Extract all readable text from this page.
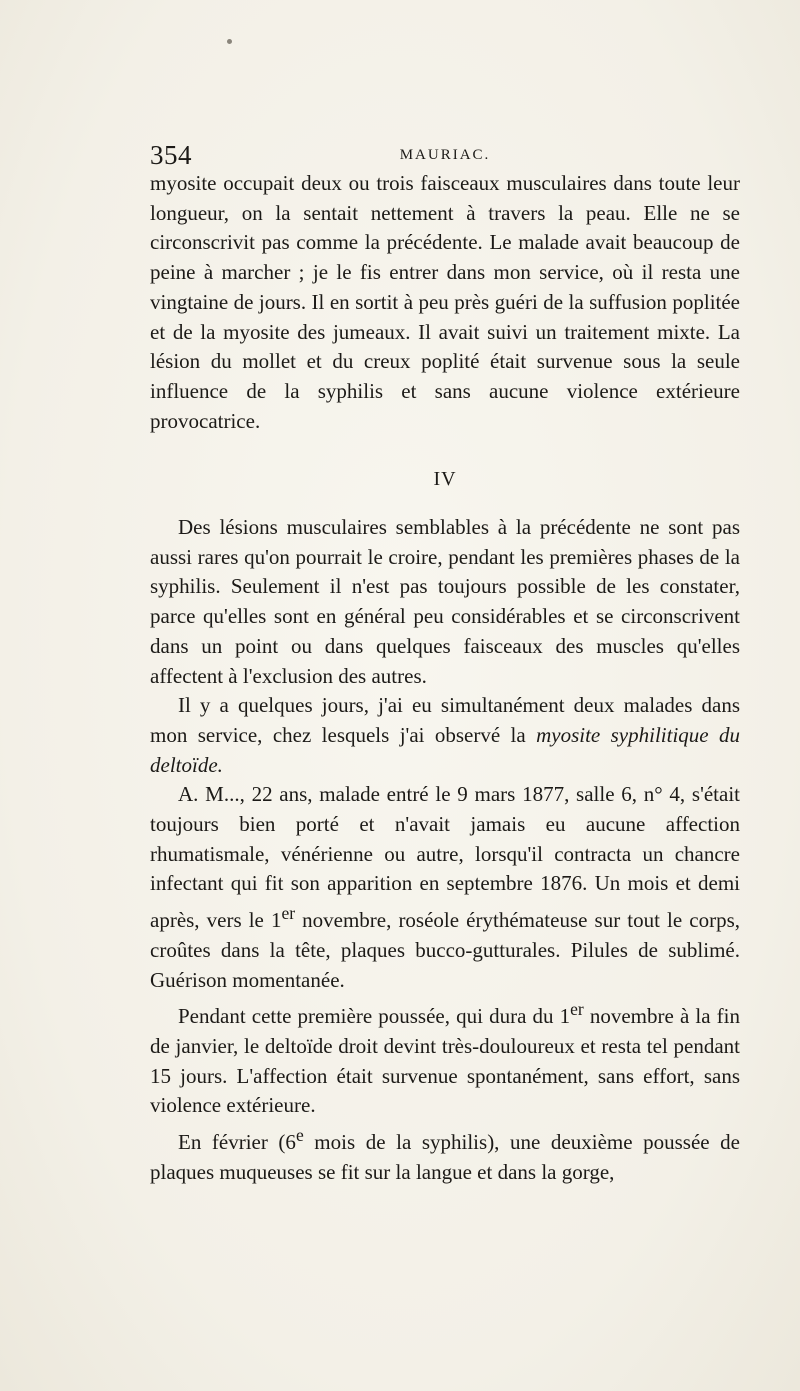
354	MAURIAC.

myosite occupait deux ou trois faisceaux musculaires dans toute leur longueur, on la sentait nettement à travers la peau. Elle ne se circonscrivit pas comme la précédente. Le malade avait beaucoup de peine à marcher ; je le fis entrer dans mon service, où il resta une vingtaine de jours. Il en sortit à peu près guéri de la suffusion poplitée et de la myosite des jumeaux. Il avait suivi un traitement mixte. La lésion du mollet et du creux poplité était survenue sous la seule influence de la syphilis et sans aucune violence extérieure provocatrice.

IV

Des lésions musculaires semblables à la précédente ne sont pas aussi rares qu'on pourrait le croire, pendant les premières phases de la syphilis. Seulement il n'est pas toujours possible de les constater, parce qu'elles sont en général peu considérables et se circonscrivent dans un point ou dans quelques faisceaux des muscles qu'elles affectent à l'exclusion des autres.

Il y a quelques jours, j'ai eu simultanément deux malades dans mon service, chez lesquels j'ai observé la myosite syphilitique du deltoïde.

A. M..., 22 ans, malade entré le 9 mars 1877, salle 6, n° 4, s'était toujours bien porté et n'avait jamais eu aucune affection rhumatismale, vénérienne ou autre, lorsqu'il contracta un chancre infectant qui fit son apparition en septembre 1876. Un mois et demi après, vers le 1er novembre, roséole érythémateuse sur tout le corps, croûtes dans la tête, plaques bucco-gutturales. Pilules de sublimé. Guérison momentanée.

Pendant cette première poussée, qui dura du 1er novembre à la fin de janvier, le deltoïde droit devint très-douloureux et resta tel pendant 15 jours. L'affection était survenue spontanément, sans effort, sans violence extérieure.

En février (6e mois de la syphilis), une deuxième poussée de plaques muqueuses se fit sur la langue et dans la gorge,
